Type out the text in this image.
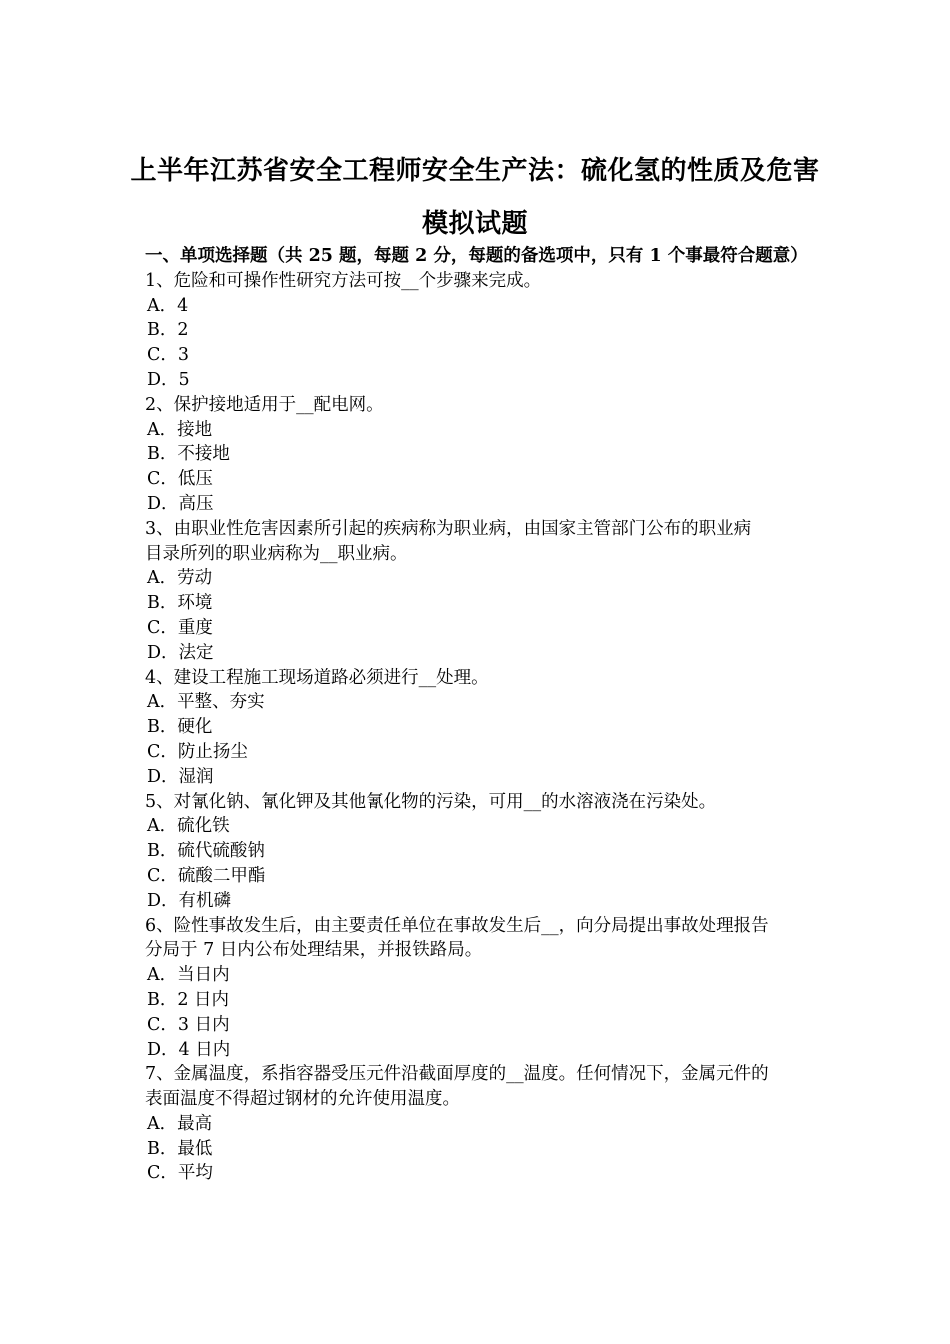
上半年江苏省安全工程师安全生产法：硫化氢的性质及危害
模拟试题
一、单项选择题（共 25 题，每题 2 分，每题的备选项中，只有 1 个事最符合题意）
1、危险和可操作性研究方法可按__个步骤来完成。
A．4
B．2
C．3
D．5
2、保护接地适用于__配电网。
A．接地
B．不接地
C．低压
D．高压
3、由职业性危害因素所引起的疾病称为职业病，由国家主管部门公布的职业病
目录所列的职业病称为__职业病。
A．劳动
B．环境
C．重度
D．法定
4、建设工程施工现场道路必须进行__处理。
A．平整、夯实
B．硬化
C．防止扬尘
D．湿润
5、对氰化钠、氰化钾及其他氰化物的污染，可用__的水溶液浇在污染处。
A．硫化铁
B．硫代硫酸钠
C．硫酸二甲酯
D．有机磷
6、险性事故发生后，由主要责任单位在事故发生后__，向分局提出事故处理报告
分局于 7 日内公布处理结果，并报铁路局。
A．当日内
B．2 日内
C．3 日内
D．4 日内
7、金属温度，系指容器受压元件沿截面厚度的__温度。任何情况下，金属元件的
表面温度不得超过钢材的允许使用温度。
A．最高
B．最低
C．平均
